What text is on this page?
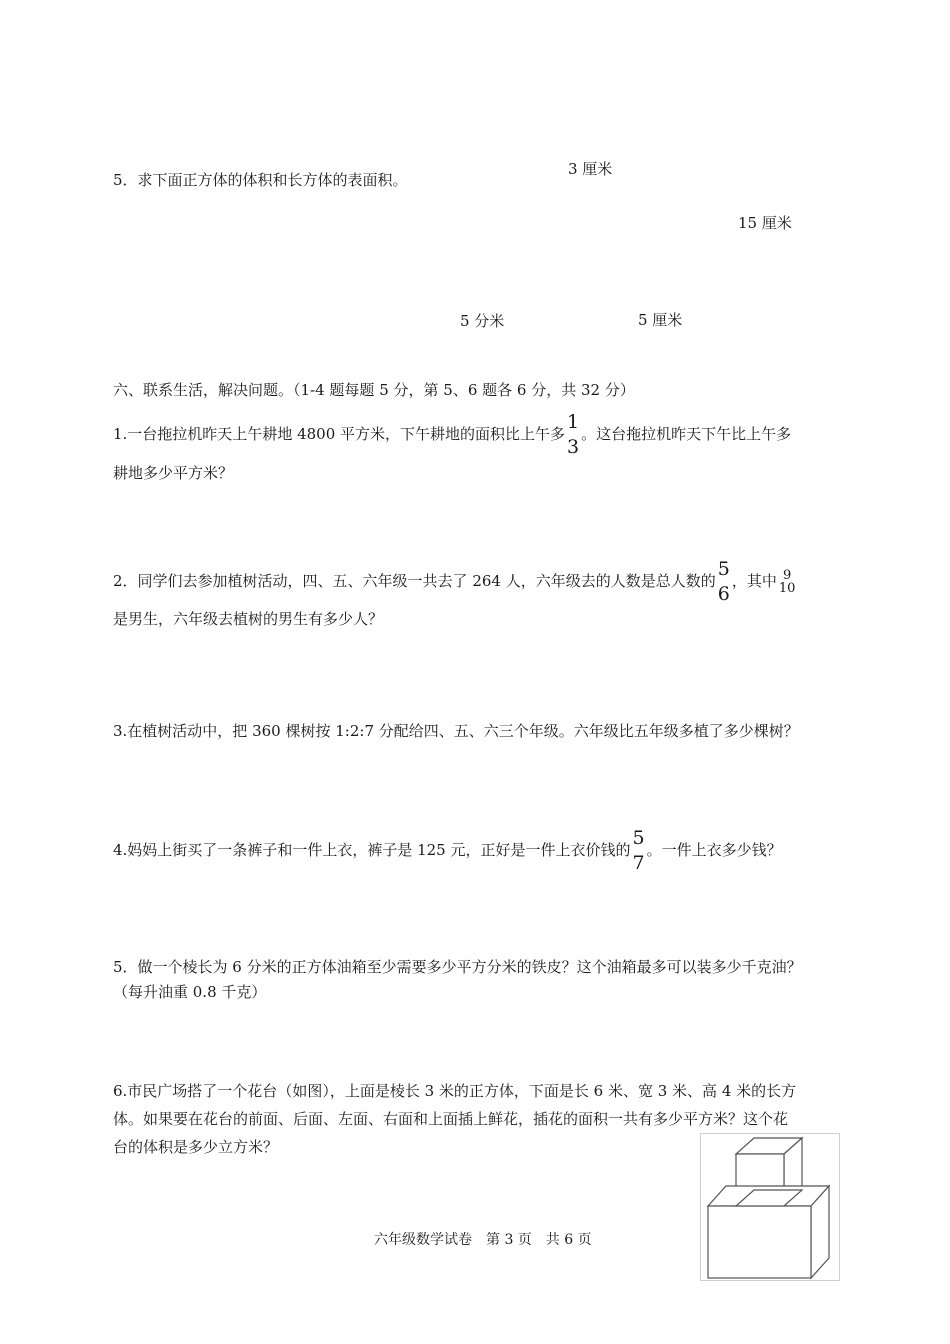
5．求下面正方体的体积和长方体的表面积。
3 厘米
15 厘米
5 分米	5 厘米
六、联系生活，解决问题。（1-4 题每题 5 分，第 5、6 题各 6 分，共 32 分）
1.一台拖拉机昨天上午耕地 4800 平方米，下午耕地的面积比上午多
1
3
。这台拖拉机昨天下午比上午多
耕地多少平方米？
2．同学们去参加植树活动，四、五、六年级一共去了 264 人，六年级去的人数是总人数的
5
6
，其中 9
10
是男生，六年级去植树的男生有多少人？
3.在植树活动中，把 360 棵树按 1:2:7 分配给四、五、六三个年级。六年级比五年级多植了多少棵树？
4.妈妈上街买了一条裤子和一件上衣，裤子是 125 元，正好是一件上衣价钱的
5
7
。一件上衣多少钱？
5．做一个棱长为 6 分米的正方体油箱至少需要多少平方分米的铁皮？这个油箱最多可以装多少千克油？
（每升油重 0.8 千克）
6.市民广场搭了一个花台（如图），上面是棱长 3 米的正方体，下面是长 6 米、宽 3 米、高 4 米的长方
体。如果要在花台的前面、后面、左面、右面和上面插上鲜花，插花的面积一共有多少平方米？这个花
台的体积是多少立方米？
六年级数学试卷　第 3 页　共 6 页
